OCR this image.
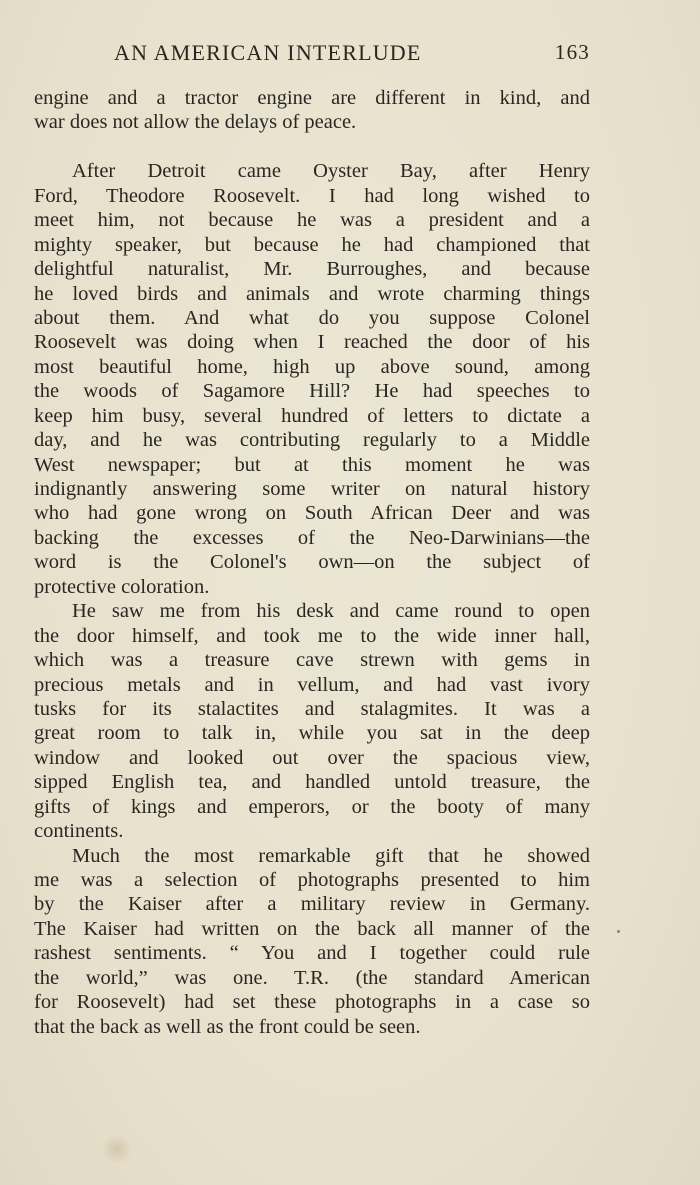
AN AMERICAN INTERLUDE	163
engine and a tractor engine are different in kind, and
war does not allow the delays of peace.
After Detroit came Oyster Bay, after Henry
Ford, Theodore Roosevelt. I had long wished to
meet him, not because he was a president and a
mighty speaker, but because he had championed that
delightful naturalist, Mr. Burroughes, and because
he loved birds and animals and wrote charming things
about them. And what do you suppose Colonel
Roosevelt was doing when I reached the door of his
most beautiful home, high up above sound, among
the woods of Sagamore Hill? He had speeches to
keep him busy, several hundred of letters to dictate a
day, and he was contributing regularly to a Middle
West newspaper; but at this moment he was
indignantly answering some writer on natural history
who had gone wrong on South African Deer and was
backing the excesses of the Neo-Darwinians—the
word is the Colonel's own—on the subject of
protective coloration.
He saw me from his desk and came round to open
the door himself, and took me to the wide inner hall,
which was a treasure cave strewn with gems in
precious metals and in vellum, and had vast ivory
tusks for its stalactites and stalagmites. It was a
great room to talk in, while you sat in the deep
window and looked out over the spacious view,
sipped English tea, and handled untold treasure, the
gifts of kings and emperors, or the booty of many
continents.
Much the most remarkable gift that he showed
me was a selection of photographs presented to him
by the Kaiser after a military review in Germany.
The Kaiser had written on the back all manner of the
rashest sentiments. “ You and I together could rule
the world,” was one. T.R. (the standard American
for Roosevelt) had set these photographs in a case so
that the back as well as the front could be seen.
